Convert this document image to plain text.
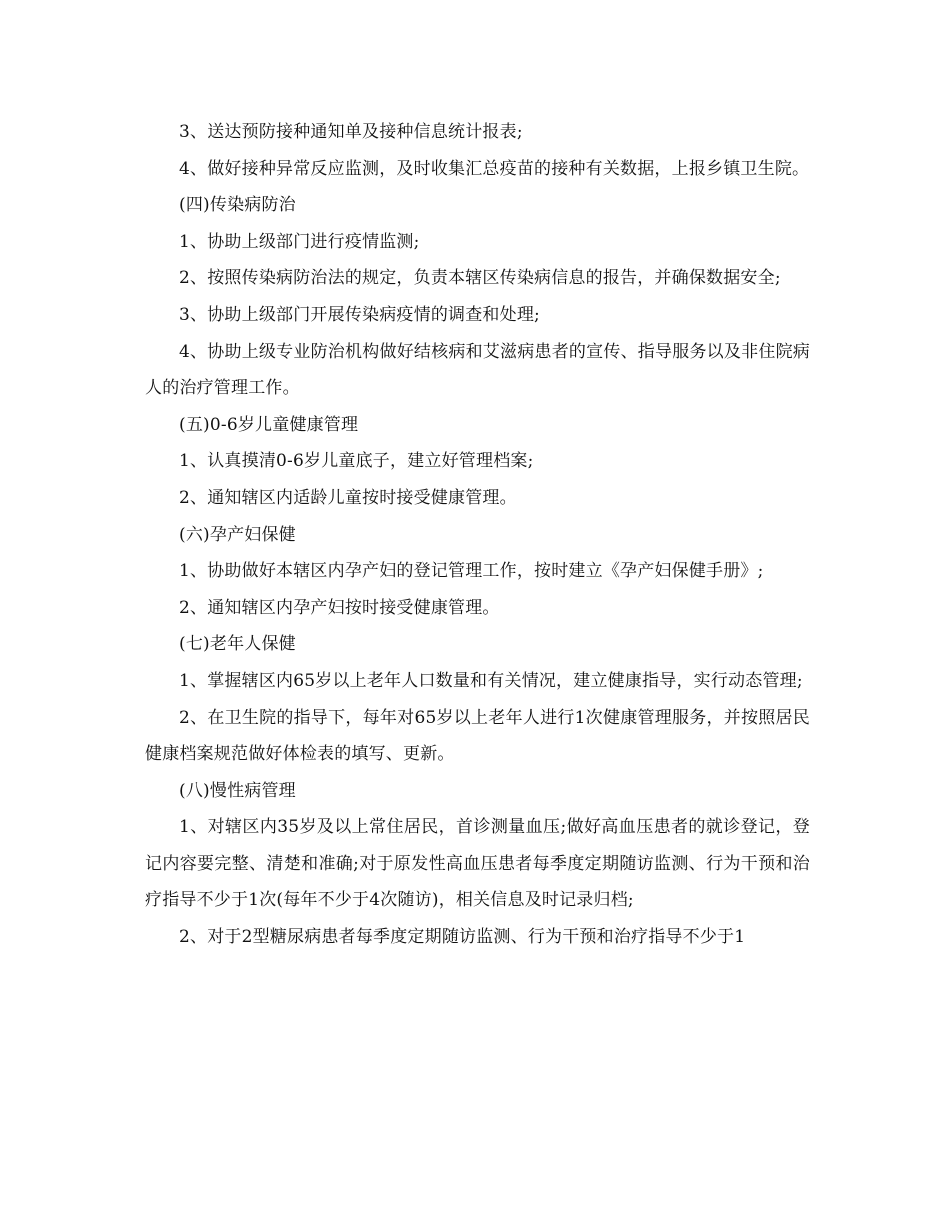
3、送达预防接种通知单及接种信息统计报表;

4、做好接种异常反应监测，及时收集汇总疫苗的接种有关数据，上报乡镇卫生院。

(四)传染病防治

1、协助上级部门进行疫情监测;

2、按照传染病防治法的规定，负责本辖区传染病信息的报告，并确保数据安全;

3、协助上级部门开展传染病疫情的调查和处理;

4、协助上级专业防治机构做好结核病和艾滋病患者的宣传、指导服务以及非住院病人的治疗管理工作。

(五)0-6岁儿童健康管理

1、认真摸清0-6岁儿童底子，建立好管理档案;

2、通知辖区内适龄儿童按时接受健康管理。

(六)孕产妇保健

1、协助做好本辖区内孕产妇的登记管理工作，按时建立《孕产妇保健手册》;

2、通知辖区内孕产妇按时接受健康管理。

(七)老年人保健

1、掌握辖区内65岁以上老年人口数量和有关情况，建立健康指导，实行动态管理;

2、在卫生院的指导下，每年对65岁以上老年人进行1次健康管理服务，并按照居民健康档案规范做好体检表的填写、更新。

(八)慢性病管理

1、对辖区内35岁及以上常住居民，首诊测量血压;做好高血压患者的就诊登记，登记内容要完整、清楚和准确;对于原发性高血压患者每季度定期随访监测、行为干预和治疗指导不少于1次(每年不少于4次随访)，相关信息及时记录归档;

2、对于2型糖尿病患者每季度定期随访监测、行为干预和治疗指导不少于1
